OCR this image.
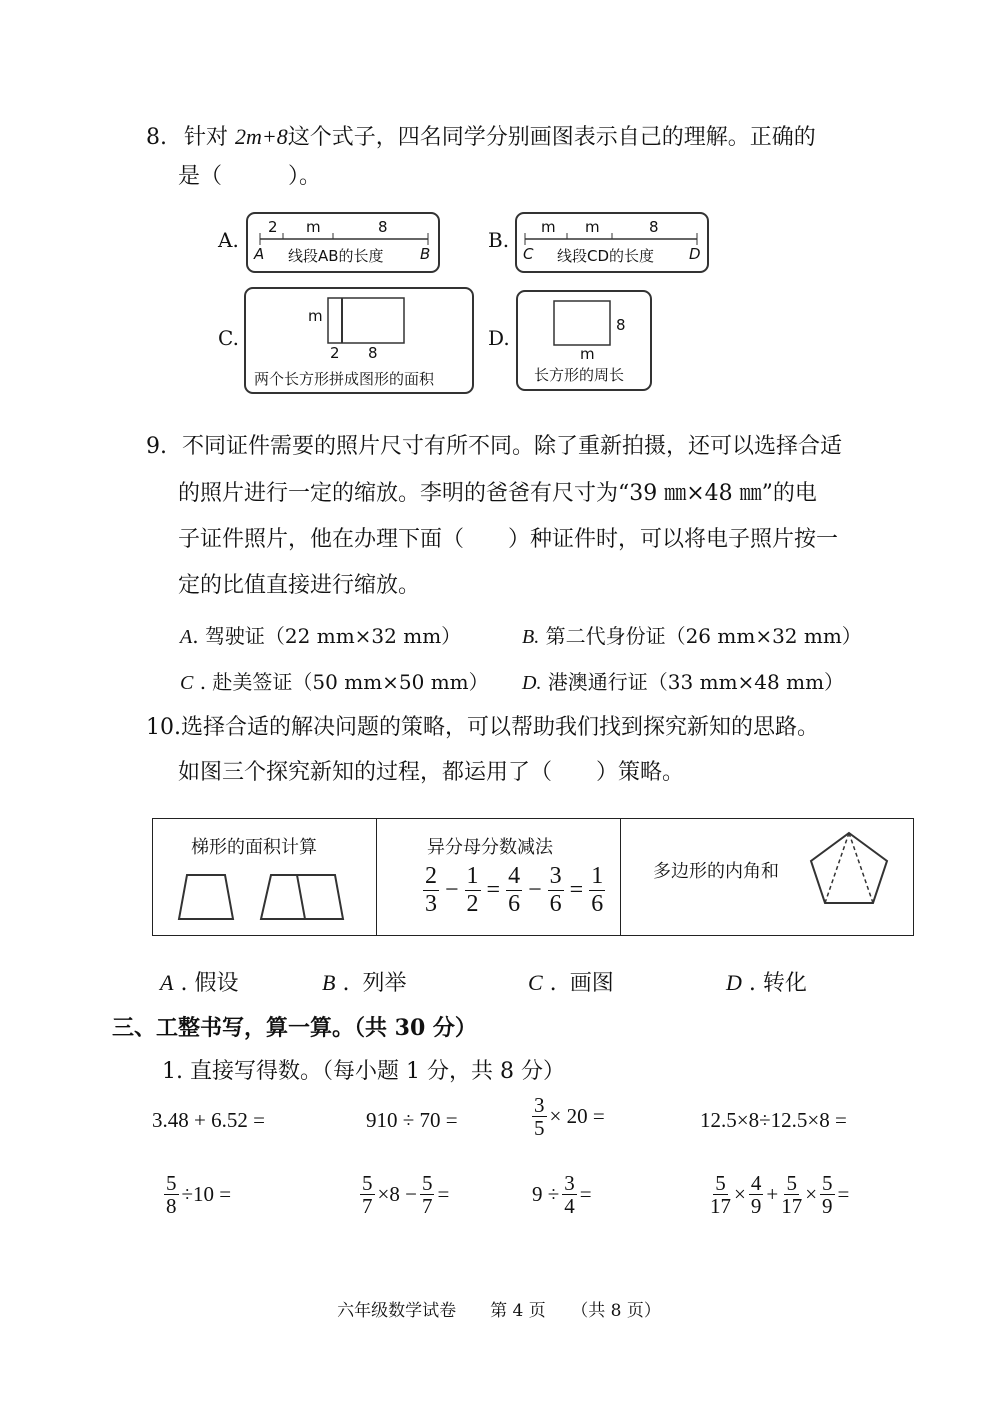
8. 针对 2m+8这个式子，四名同学分别画图表示自己的理解。正确的
是（　　　）。
A.
2 m	8
A 线段AB的长度 B
B.
m m	8
C 线段CD的长度 D
C.
m
2 8
两个长方形拼成图形的面积
D.
8
m
长方形的周长
9. 不同证件需要的照片尺寸有所不同。除了重新拍摄，还可以选择合适
的照片进行一定的缩放。李明的爸爸有尺寸为“39 ㎜×48 ㎜”的电
子证件照片，他在办理下面（　　）种证件时，可以将电子照片按一
定的比值直接进行缩放。
A. 驾驶证（22 mm×32 mm）	B. 第二代身份证（26 mm×32 mm）
C . 赴美签证（50 mm×50 mm） D. 港澳通行证（33 mm×48 mm）
10.选择合适的解决问题的策略，可以帮助我们找到探究新知的思路。
如图三个探究新知的过程，都运用了（　　）策略。
梯形的面积计算	异分母分数减法
$\frac{2}{3} - \frac{1}{2} = \frac{4}{6} - \frac{3}{6} = \frac{1}{6}$	多边形的内角和
A . 假设	B . 列举	C . 画图	D . 转化
三、工整书写，算一算。（共 30 分）
1. 直接写得数。（每小题 1 分，共 8 分）
3.48 + 6.52 =	910 ÷ 70 =	$\frac{3}{5} \times 20$ =	12.5×8÷12.5×8 =
$\frac{5}{8} \div 10$ =	$\frac{5}{7} \times 8 - \frac{5}{7}$ =	$9 \div \frac{3}{4}$ =	$\frac{5}{17} \times \frac{4}{9} + \frac{5}{17} \times \frac{5}{9}$ =
六年级数学试卷　　第 4 页　　（共 8 页）
